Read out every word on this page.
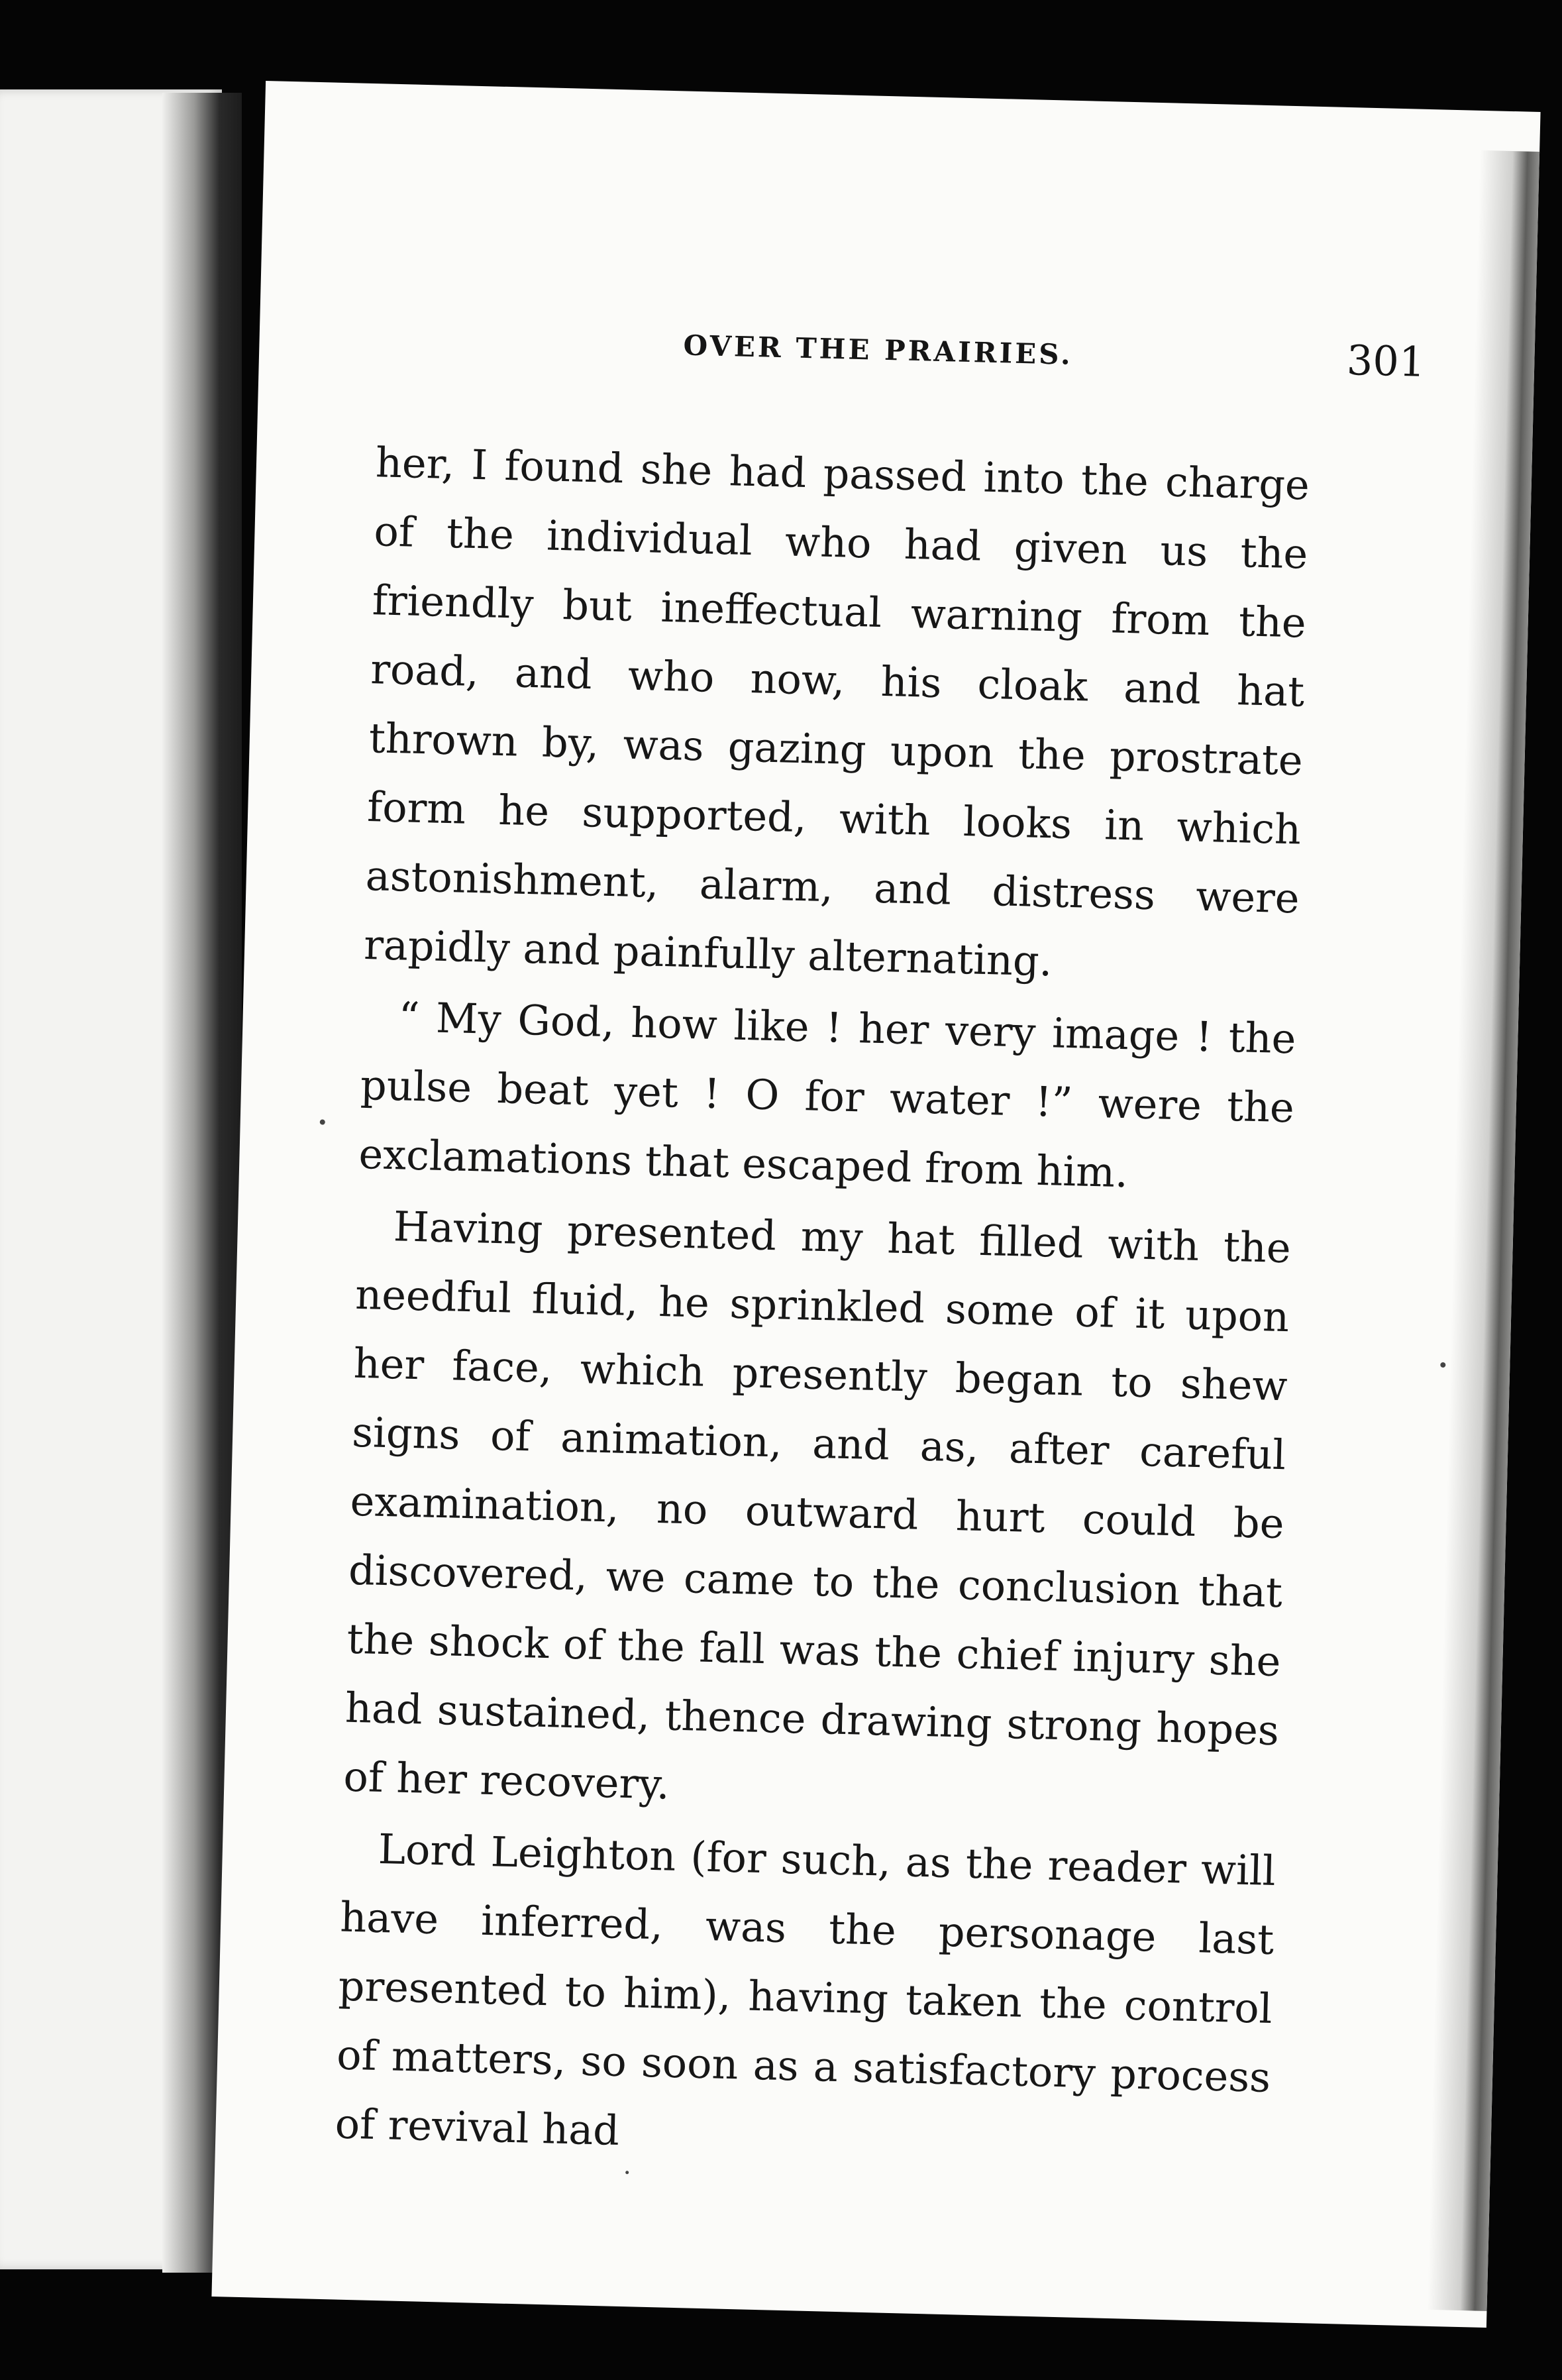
OVER THE PRAIRIES.	301

her, I found she had passed into the charge of the individual who had given us the friendly but ineffectual warning from the road, and who now, his cloak and hat thrown by, was gazing upon the prostrate form he supported, with looks in which astonishment, alarm, and distress were rapidly and painfully alternating.

“ My God, how like ! her very image ! the pulse beat yet ! O for water !” were the exclamations that escaped from him.

Having presented my hat filled with the needful fluid, he sprinkled some of it upon her face, which presently began to shew signs of animation, and as, after careful examination, no outward hurt could be discovered, we came to the conclusion that the shock of the fall was the chief injury she had sustained, thence drawing strong hopes of her recovery.

Lord Leighton (for such, as the reader will have inferred, was the personage last presented to him), having taken the control of matters, so soon as a satisfactory process of revival had
